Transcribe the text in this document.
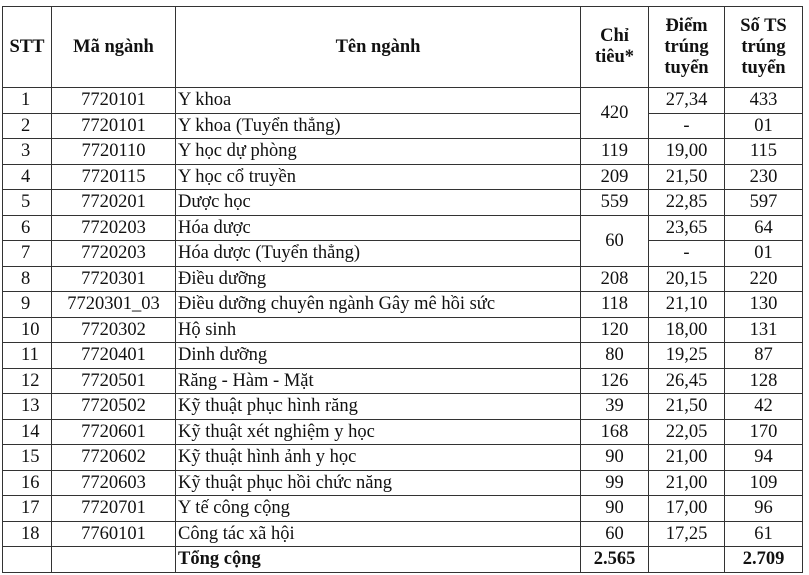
STT	Mã ngành	Tên ngành	Chỉ tiêu*	Điểm trúng tuyển	Số TS trúng tuyển
1	7720101	Y khoa	420	27,34	433
2	7720101	Y khoa (Tuyển thẳng)		-	01
3	7720110	Y học dự phòng	119	19,00	115
4	7720115	Y học cổ truyền	209	21,50	230
5	7720201	Dược học	559	22,85	597
6	7720203	Hóa dược	60	23,65	64
7	7720203	Hóa dược (Tuyển thẳng)		-	01
8	7720301	Điều dưỡng	208	20,15	220
9	7720301_03	Điều dưỡng chuyên ngành Gây mê hồi sức	118	21,10	130
10	7720302	Hộ sinh	120	18,00	131
11	7720401	Dinh dưỡng	80	19,25	87
12	7720501	Răng - Hàm - Mặt	126	26,45	128
13	7720502	Kỹ thuật phục hình răng	39	21,50	42
14	7720601	Kỹ thuật xét nghiệm y học	168	22,05	170
15	7720602	Kỹ thuật hình ảnh y học	90	21,00	94
16	7720603	Kỹ thuật phục hồi chức năng	99	21,00	109
17	7720701	Y tế công cộng	90	17,00	96
18	7760101	Công tác xã hội	60	17,25	61
		Tổng cộng	2.565		2.709
